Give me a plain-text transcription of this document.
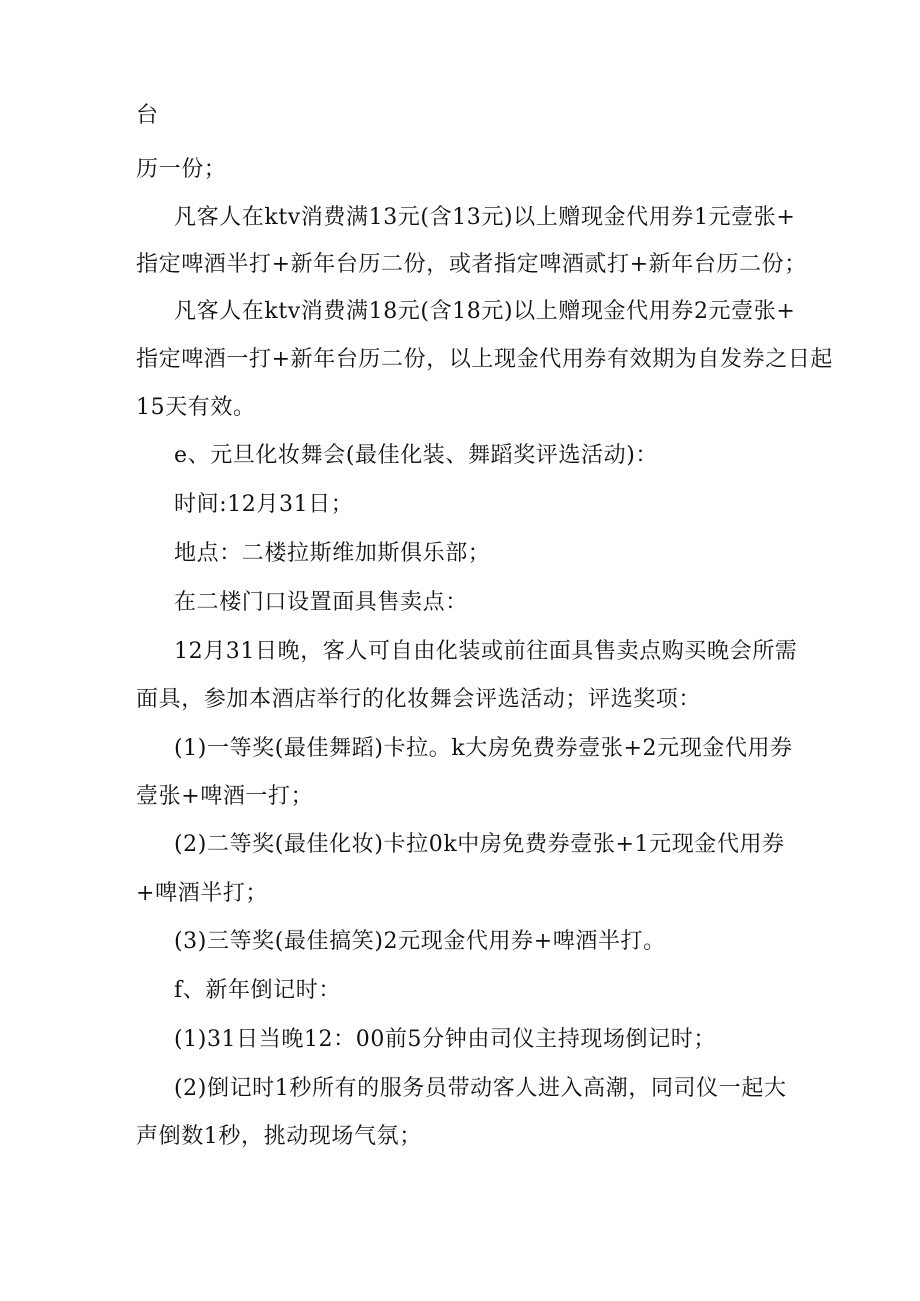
台

历一份；

凡客人在ktv消费满13元(含13元)以上赠现金代用券1元壹张+

指定啤酒半打+新年台历二份，或者指定啤酒贰打+新年台历二份；

凡客人在ktv消费满18元(含18元)以上赠现金代用券2元壹张+

指定啤酒一打+新年台历二份，以上现金代用券有效期为自发券之日起

15天有效。

e、元旦化妆舞会(最佳化装、舞蹈奖评选活动)：

时间:12月31日；

地点：二楼拉斯维加斯俱乐部；

在二楼门口设置面具售卖点：

12月31日晚，客人可自由化装或前往面具售卖点购买晚会所需

面具，参加本酒店举行的化妆舞会评选活动；评选奖项：

(1)一等奖(最佳舞蹈)卡拉。k大房免费券壹张+2元现金代用券

壹张+啤酒一打；

(2)二等奖(最佳化妆)卡拉0k中房免费券壹张+1元现金代用券

+啤酒半打；

(3)三等奖(最佳搞笑)2元现金代用券+啤酒半打。

f、新年倒记时：

(1)31日当晚12：00前5分钟由司仪主持现场倒记时；

(2)倒记时1秒所有的服务员带动客人进入高潮，同司仪一起大

声倒数1秒，挑动现场气氛；
